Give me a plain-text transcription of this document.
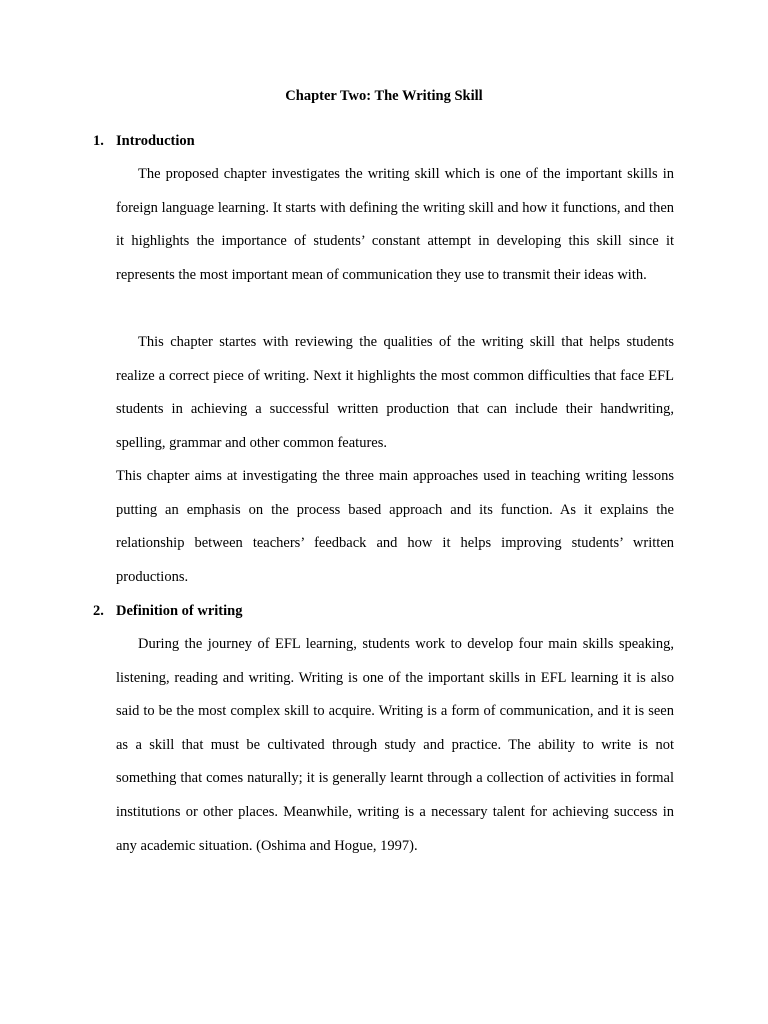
Chapter Two: The Writing Skill
1. Introduction

The proposed chapter investigates the writing skill which is one of the important skills in foreign language learning. It starts with defining the writing skill and how it functions, and then it highlights the importance of students’ constant attempt in developing this skill since it represents the most important mean of communication they use to transmit their ideas with.

This chapter startes with reviewing the qualities of the writing skill that helps students realize a correct piece of writing. Next it highlights the most common difficulties that face EFL students in achieving a successful written production that can include their handwriting, spelling, grammar and other common features.

This chapter aims at investigating the three main approaches used in teaching writing lessons putting an emphasis on the process based approach and its function. As it explains the relationship between teachers’ feedback and how it helps improving students’ written productions.

2. Definition of writing

During the journey of EFL learning, students work to develop four main skills speaking, listening, reading and writing. Writing is one of the important skills in EFL learning it is also said to be the most complex skill to acquire. Writing is a form of communication, and it is seen as a skill that must be cultivated through study and practice. The ability to write is not something that comes naturally; it is generally learnt through a collection of activities in formal institutions or other places. Meanwhile, writing is a necessary talent for achieving success in any academic situation. (Oshima and Hogue, 1997).
